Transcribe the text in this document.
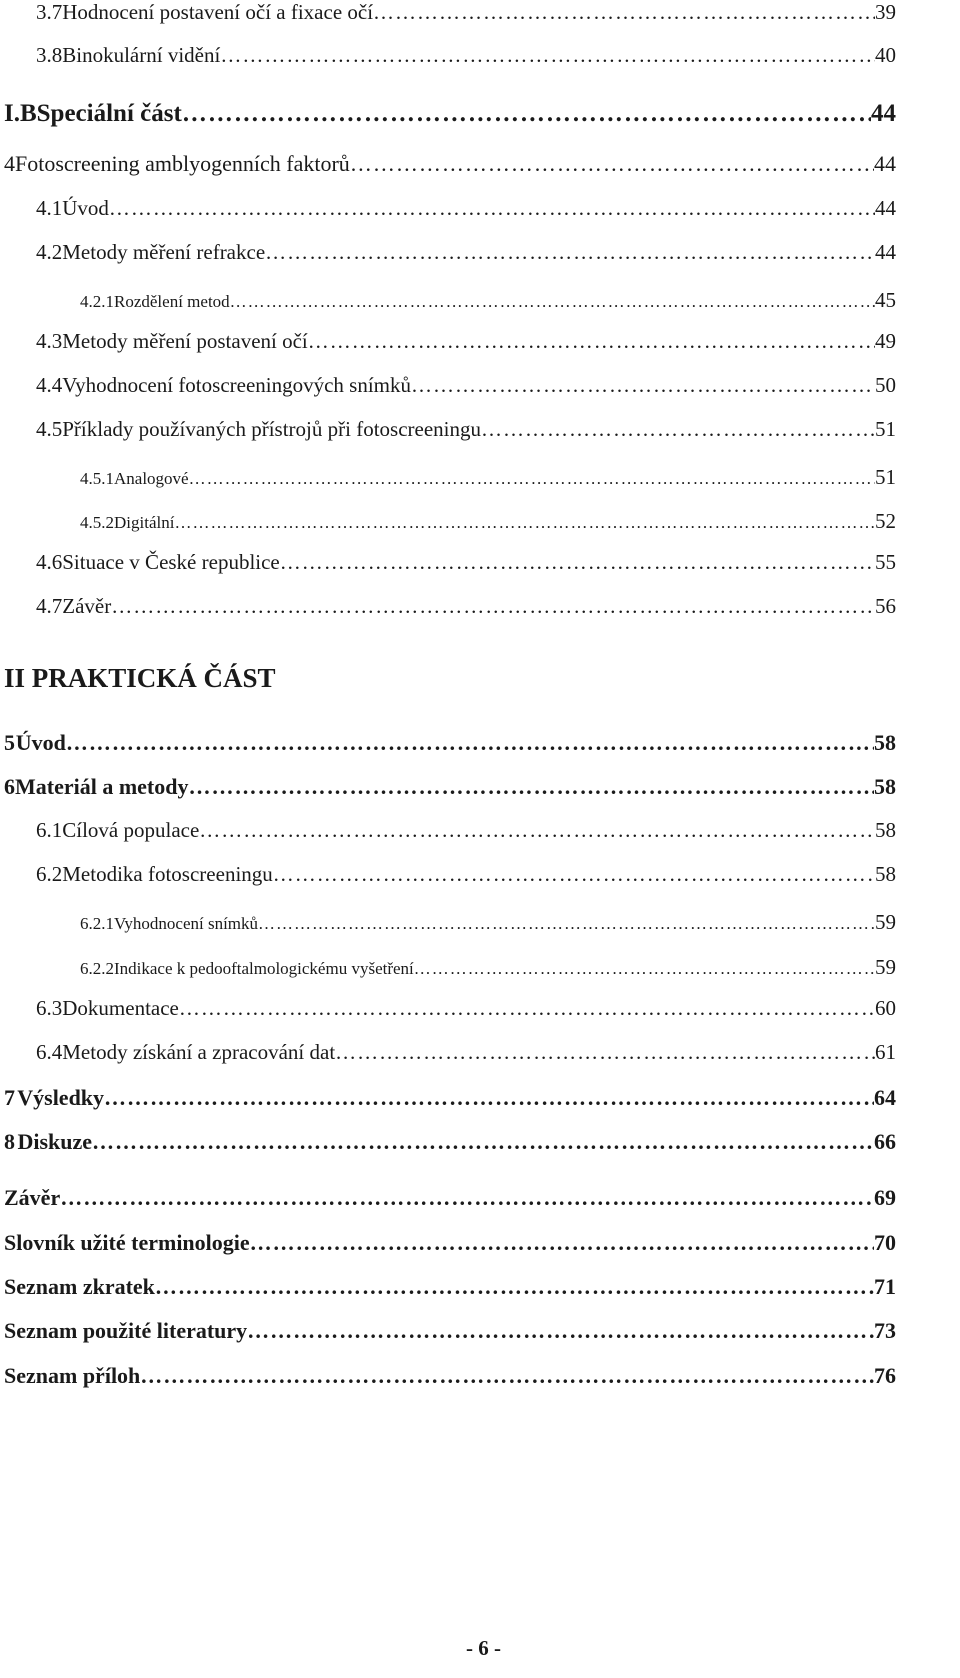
3.7 Hodnocení postavení očí a fixace očí ………………………………………………………………………………………………………………………………………………………………………………………………………………………………………………………………	39
3.8 Binokulární vidění ………………………………………………………………………………………………………………………………………………………………………………………………………………………………………………………………	40
I.B Speciální část ………………………………………………………………………………………………………………………………………………………………………………………………………………………………………………………………	44
4 Fotoscreening amblyogenních faktorů ………………………………………………………………………………………………………………………………………………………………………………………………………………………………………………………………	44
4.1 Úvod ………………………………………………………………………………………………………………………………………………………………………………………………………………………………………………………………	44
4.2 Metody měření refrakce ………………………………………………………………………………………………………………………………………………………………………………………………………………………………………………………………	44
4.2.1 Rozdělení metod ………………………………………………………………………………………………………………………………………………………………………………………………………………………………………………………………	45
4.3 Metody měření postavení očí ………………………………………………………………………………………………………………………………………………………………………………………………………………………………………………………………	49
4.4 Vyhodnocení fotoscreeningových snímků ………………………………………………………………………………………………………………………………………………………………………………………………………………………………………………………………	50
4.5 Příklady používaných přístrojů při fotoscreeningu ………………………………………………………………………………………………………………………………………………………………………………………………………………………………………………………………	51
4.5.1 Analogové ………………………………………………………………………………………………………………………………………………………………………………………………………………………………………………………………	51
4.5.2 Digitální ………………………………………………………………………………………………………………………………………………………………………………………………………………………………………………………………	52
4.6 Situace v České republice ………………………………………………………………………………………………………………………………………………………………………………………………………………………………………………………………	55
4.7 Závěr ………………………………………………………………………………………………………………………………………………………………………………………………………………………………………………………………	56
II PRAKTICKÁ ČÁST
5 Úvod ………………………………………………………………………………………………………………………………………………………………………………………………………………………………………………………………	58
6 Materiál a metody ………………………………………………………………………………………………………………………………………………………………………………………………………………………………………………………………	58
6.1 Cílová populace ………………………………………………………………………………………………………………………………………………………………………………………………………………………………………………………………	58
6.2 Metodika fotoscreeningu ………………………………………………………………………………………………………………………………………………………………………………………………………………………………………………………………	58
6.2.1 Vyhodnocení snímků ………………………………………………………………………………………………………………………………………………………………………………………………………………………………………………………………	59
6.2.2 Indikace k pedooftalmologickému vyšetření ………………………………………………………………………………………………………………………………………………………………………………………………………………………………………………………………	59
6.3 Dokumentace ………………………………………………………………………………………………………………………………………………………………………………………………………………………………………………………………	60
6.4 Metody získání a zpracování dat ………………………………………………………………………………………………………………………………………………………………………………………………………………………………………………………………	61
7 Výsledky ………………………………………………………………………………………………………………………………………………………………………………………………………………………………………………………………	64
8 Diskuze ………………………………………………………………………………………………………………………………………………………………………………………………………………………………………………………………	66
Závěr ………………………………………………………………………………………………………………………………………………………………………………………………………………………………………………………………	69
Slovník užité terminologie ………………………………………………………………………………………………………………………………………………………………………………………………………………………………………………………………	70
Seznam zkratek ………………………………………………………………………………………………………………………………………………………………………………………………………………………………………………………………	71
Seznam použité literatury ………………………………………………………………………………………………………………………………………………………………………………………………………………………………………………………………	73
Seznam příloh ………………………………………………………………………………………………………………………………………………………………………………………………………………………………………………………………	76
- 6 -
